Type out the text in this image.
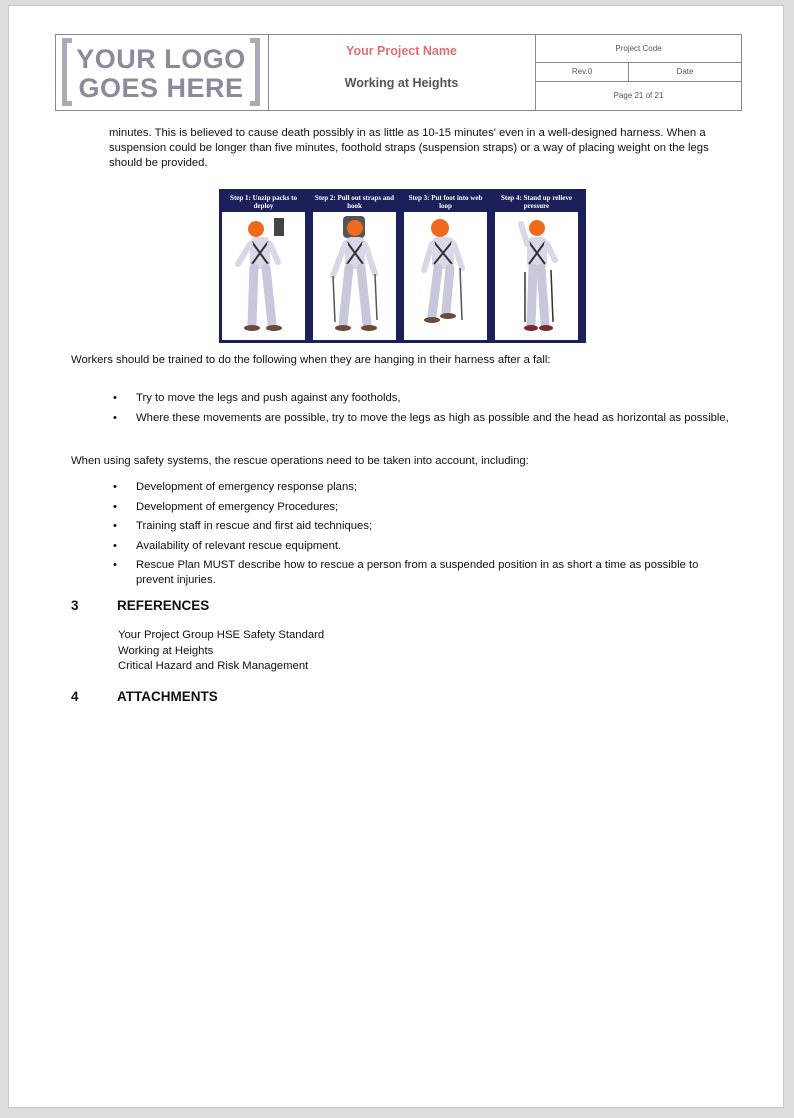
YOUR LOGO
GOES HERE
Your Project Name
Working at Heights
Project Code
Rev.0	Date
Page 21 of 21
minutes. This is believed to cause death possibly in as little as 10-15 minutes' even in a well-designed harness. When a suspension could be longer than five minutes, foothold straps (suspension straps) or a way of placing weight on the legs should be provided.
Step 1: Unzip packs to deploy
Step 2: Pull out straps and hook
Step 3: Put foot into web loop
Step 4: Stand up relieve pressure
Workers should be trained to do the following when they are hanging in their harness after a fall:
• Try to move the legs and push against any footholds,
• Where these movements are possible, try to move the legs as high as possible and the head as horizontal as possible,
When using safety systems, the rescue operations need to be taken into account, including:
• Development of emergency response plans;
• Development of emergency Procedures;
• Training staff in rescue and first aid techniques;
• Availability of relevant rescue equipment.
• Rescue Plan MUST describe how to rescue a person from a suspended position in as short a time as possible to prevent injuries.
3	REFERENCES
Your Project Group HSE Safety Standard
Working at Heights
Critical Hazard and Risk Management
4	ATTACHMENTS
